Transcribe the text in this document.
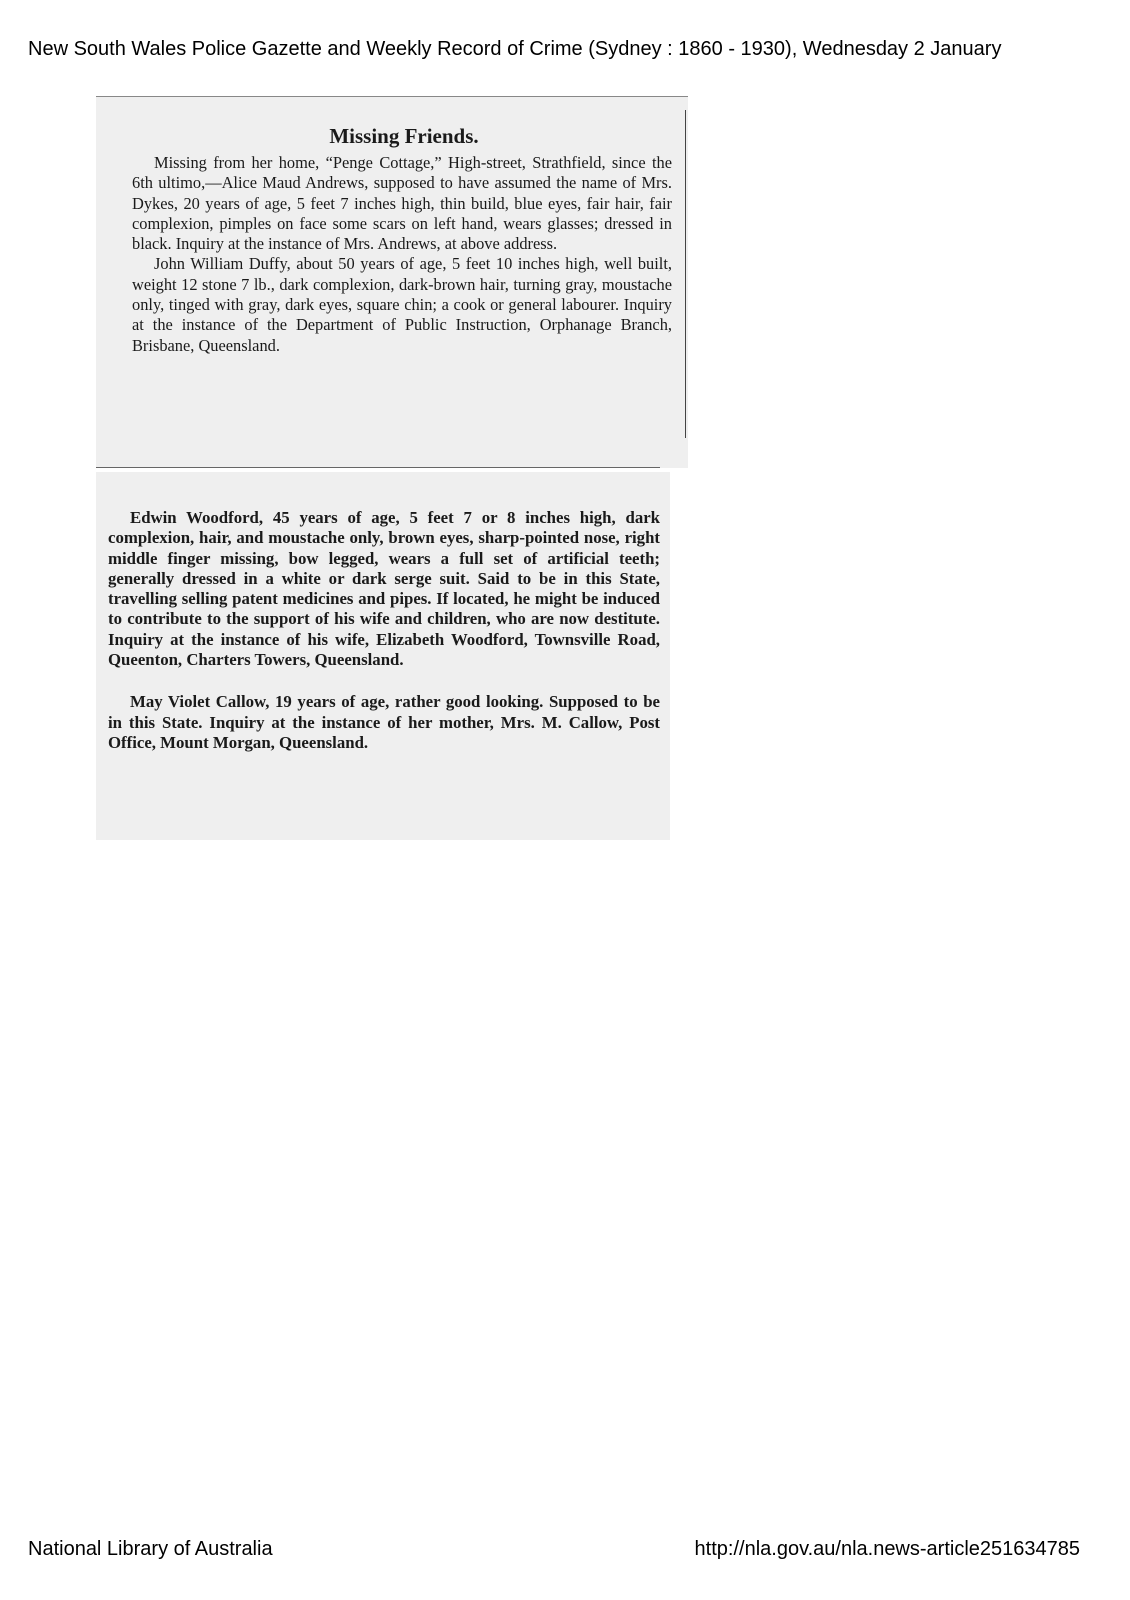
New South Wales Police Gazette and Weekly Record of Crime (Sydney : 1860 - 1930), Wednesday 2 January
Missing Friends.

Missing from her home, “Penge Cottage,” High-street, Strathfield, since the 6th ultimo,—Alice Maud Andrews, supposed to have assumed the name of Mrs. Dykes, 20 years of age, 5 feet 7 inches high, thin build, blue eyes, fair hair, fair complexion, pimples on face some scars on left hand, wears glasses; dressed in black. Inquiry at the instance of Mrs. Andrews, at above address.

John William Duffy, about 50 years of age, 5 feet 10 inches high, well built, weight 12 stone 7 lb., dark complexion, dark-brown hair, turning gray, moustache only, tinged with gray, dark eyes, square chin; a cook or general labourer. Inquiry at the instance of the Department of Public Instruction, Orphanage Branch, Brisbane, Queensland.

Edwin Woodford, 45 years of age, 5 feet 7 or 8 inches high, dark complexion, hair, and moustache only, brown eyes, sharp-pointed nose, right middle finger missing, bow legged, wears a full set of artificial teeth; generally dressed in a white or dark serge suit. Said to be in this State, travelling selling patent medicines and pipes. If located, he might be induced to contribute to the support of his wife and children, who are now destitute. Inquiry at the instance of his wife, Elizabeth Woodford, Townsville Road, Queenton, Charters Towers, Queensland.

May Violet Callow, 19 years of age, rather good looking. Supposed to be in this State. Inquiry at the instance of her mother, Mrs. M. Callow, Post Office, Mount Morgan, Queensland.

National Library of Australia	http://nla.gov.au/nla.news-article251634785
